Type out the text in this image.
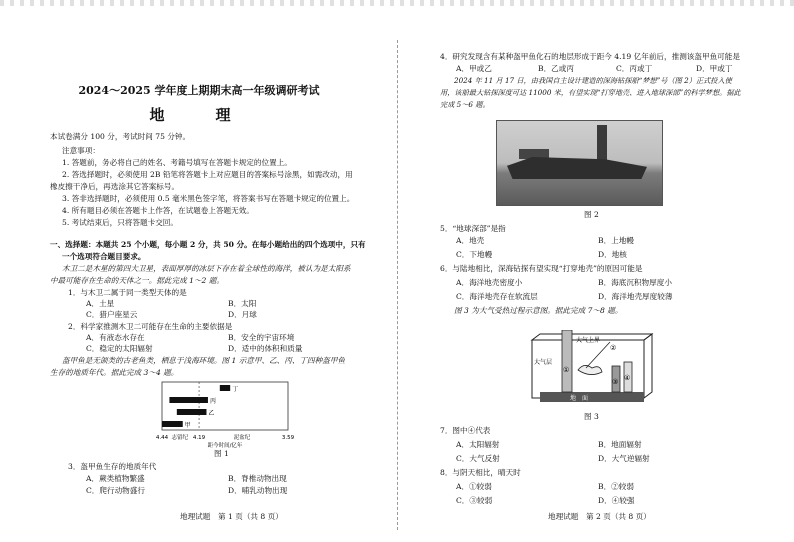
2024～2025 学年度上期期末高一年级调研考试
地　理
本试卷满分 100 分，考试时间 75 分钟。
注意事项：
1. 答题前，务必将自己的姓名、考籍号填写在答题卡规定的位置上。
2. 答选择题时，必须使用 2B 铅笔将答题卡上对应题目的答案标号涂黑，如需改动，用
橡皮擦干净后，再选涂其它答案标号。
3. 答非选择题时，必须使用 0.5 毫米黑色签字笔，将答案书写在答题卡规定的位置上。
4. 所有题目必须在答题卡上作答，在试题卷上答题无效。
5. 考试结束后，只将答题卡交回。
一、选择题：本题共 25 个小题，每小题 2 分，共 50 分。在每小题给出的四个选项中，只有
一个选项符合题目要求。
木卫二是木星的第四大卫星，表面厚厚的冰层下存在着全球性的海洋，被认为是太阳系
中最可能存在生命的天体之一。据此完成 1～2 题。
1．与木卫二属于同一类型天体的是
A．土星	B．太阳
C．猎户座星云	D．月球
2．科学家推测木卫二可能存在生命的主要依据是
A．有液态水存在	B．安全的宇宙环境
C．稳定的太阳辐射	D．适中的体积和质量
盔甲鱼是无颌类的古老鱼类，栖息于浅海环境。图 1 示意甲、乙、丙、丁四种盔甲鱼
生存的地质年代。据此完成 3～4 题。
丁
丙
乙
甲
4.44 志留纪 4.19	泥盆纪	3.59
距今时间/亿年
图 1
3．盔甲鱼生存的地质年代
A．蕨类植物繁盛	B．脊椎动物出现
C．爬行动物盛行	D．哺乳动物出现
地理试题　第 1 页（共 8 页）
4．研究发现含有某种盔甲鱼化石的地层形成于距今 4.19 亿年前后，推测该盔甲鱼可能是
A．甲或乙	B．乙或丙	C．丙或丁	D．甲或丁
2024 年 11 月 17 日，由我国自主设计建造的深海钻探船“梦想”号（图 2）正式投入使
用，该船最大钻探深度可达 11000 米，有望实现“打穿地壳、进入地球深部”的科学梦想。据此
完成 5～6 题。
图 2
5．“地球深部”是指
A．地壳	B．上地幔
C．下地幔	D．地核
6．与陆地相比，深海钻探有望实现“打穿地壳”的原因可能是
A．海洋地壳密度小	B．海底沉积物厚度小
C．海洋地壳存在软流层	D．海洋地壳厚度较薄
图 3 为大气受热过程示意图。据此完成 7～8 题。
图 3
7．图中④代表
A．太阳辐射	B．地面辐射
C．大气反射	D．大气逆辐射
8．与阴天相比，晴天时
A．①较弱	B．②较弱
C．③较弱	D．④较强
地理试题　第 2 页（共 8 页）
地　面
大气上界
大气层
①
②
③ ④
